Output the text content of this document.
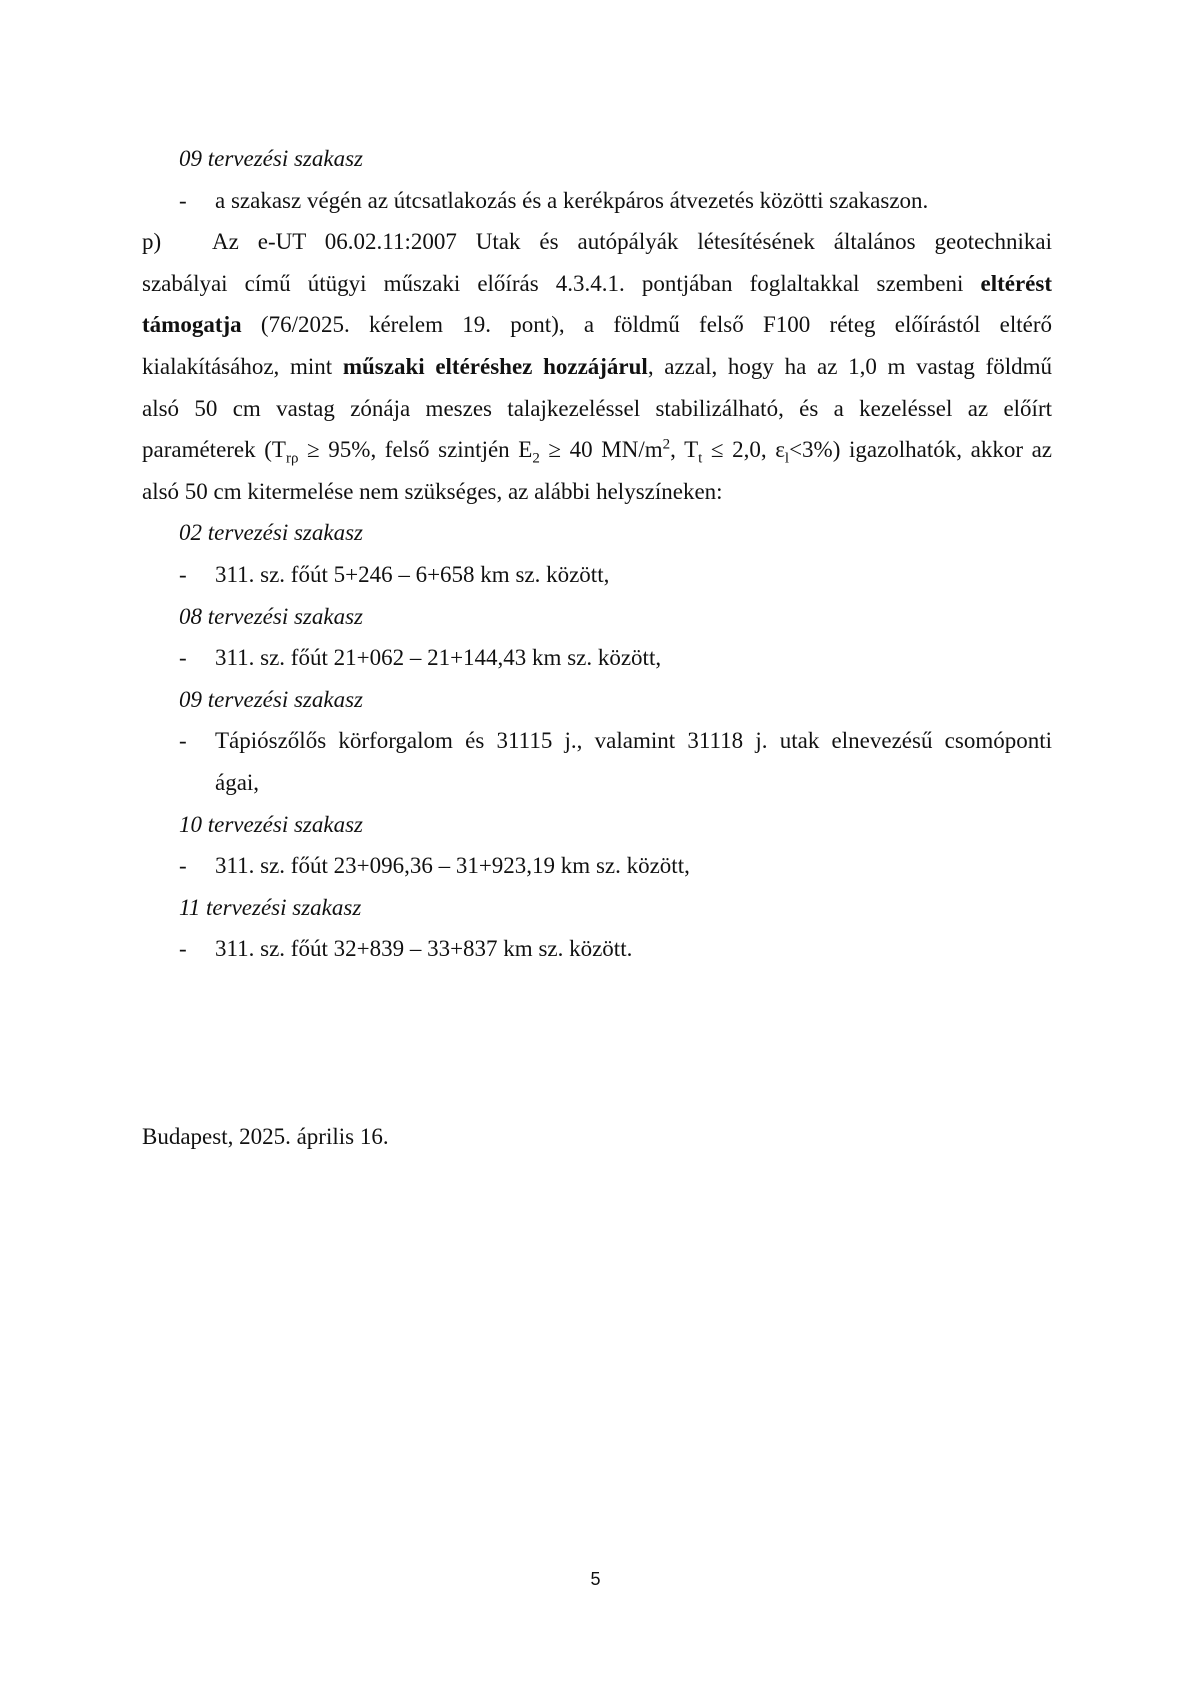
09 tervezési szakasz
- a szakasz végén az útcsatlakozás és a kerékpáros átvezetés közötti szakaszon.
p) Az e-UT 06.02.11:2007 Utak és autópályák létesítésének általános geotechnikai
szabályai című útügyi műszaki előírás 4.3.4.1. pontjában foglaltakkal szembeni eltérést
támogatja (76/2025. kérelem 19. pont), a földmű felső F100 réteg előírástól eltérő
kialakításához, mint műszaki eltéréshez hozzájárul, azzal, hogy ha az 1,0 m vastag földmű
alsó 50 cm vastag zónája meszes talajkezeléssel stabilizálható, és a kezeléssel az előírt
paraméterek ($T_{r\rho} \ge 95\%$, felső szintjén $E_2 \ge 40$ $MN/m^2$, $T_t \le 2,0$, $\varepsilon_l<3\%$) igazolhatók, akkor az
alsó 50 cm kitermelése nem szükséges, az alábbi helyszíneken:
02 tervezési szakasz
- 311. sz. főút 5+246 – 6+658 km sz. között,
08 tervezési szakasz
- 311. sz. főút 21+062 – 21+144,43 km sz. között,
09 tervezési szakasz
- Tápiószőlős körforgalom és 31115 j., valamint 31118 j. utak elnevezésű csomóponti
ágai,
10 tervezési szakasz
- 311. sz. főút 23+096,36 – 31+923,19 km sz. között,
11 tervezési szakasz
- 311. sz. főút 32+839 – 33+837 km sz. között.
Budapest, 2025. április 16.
5
